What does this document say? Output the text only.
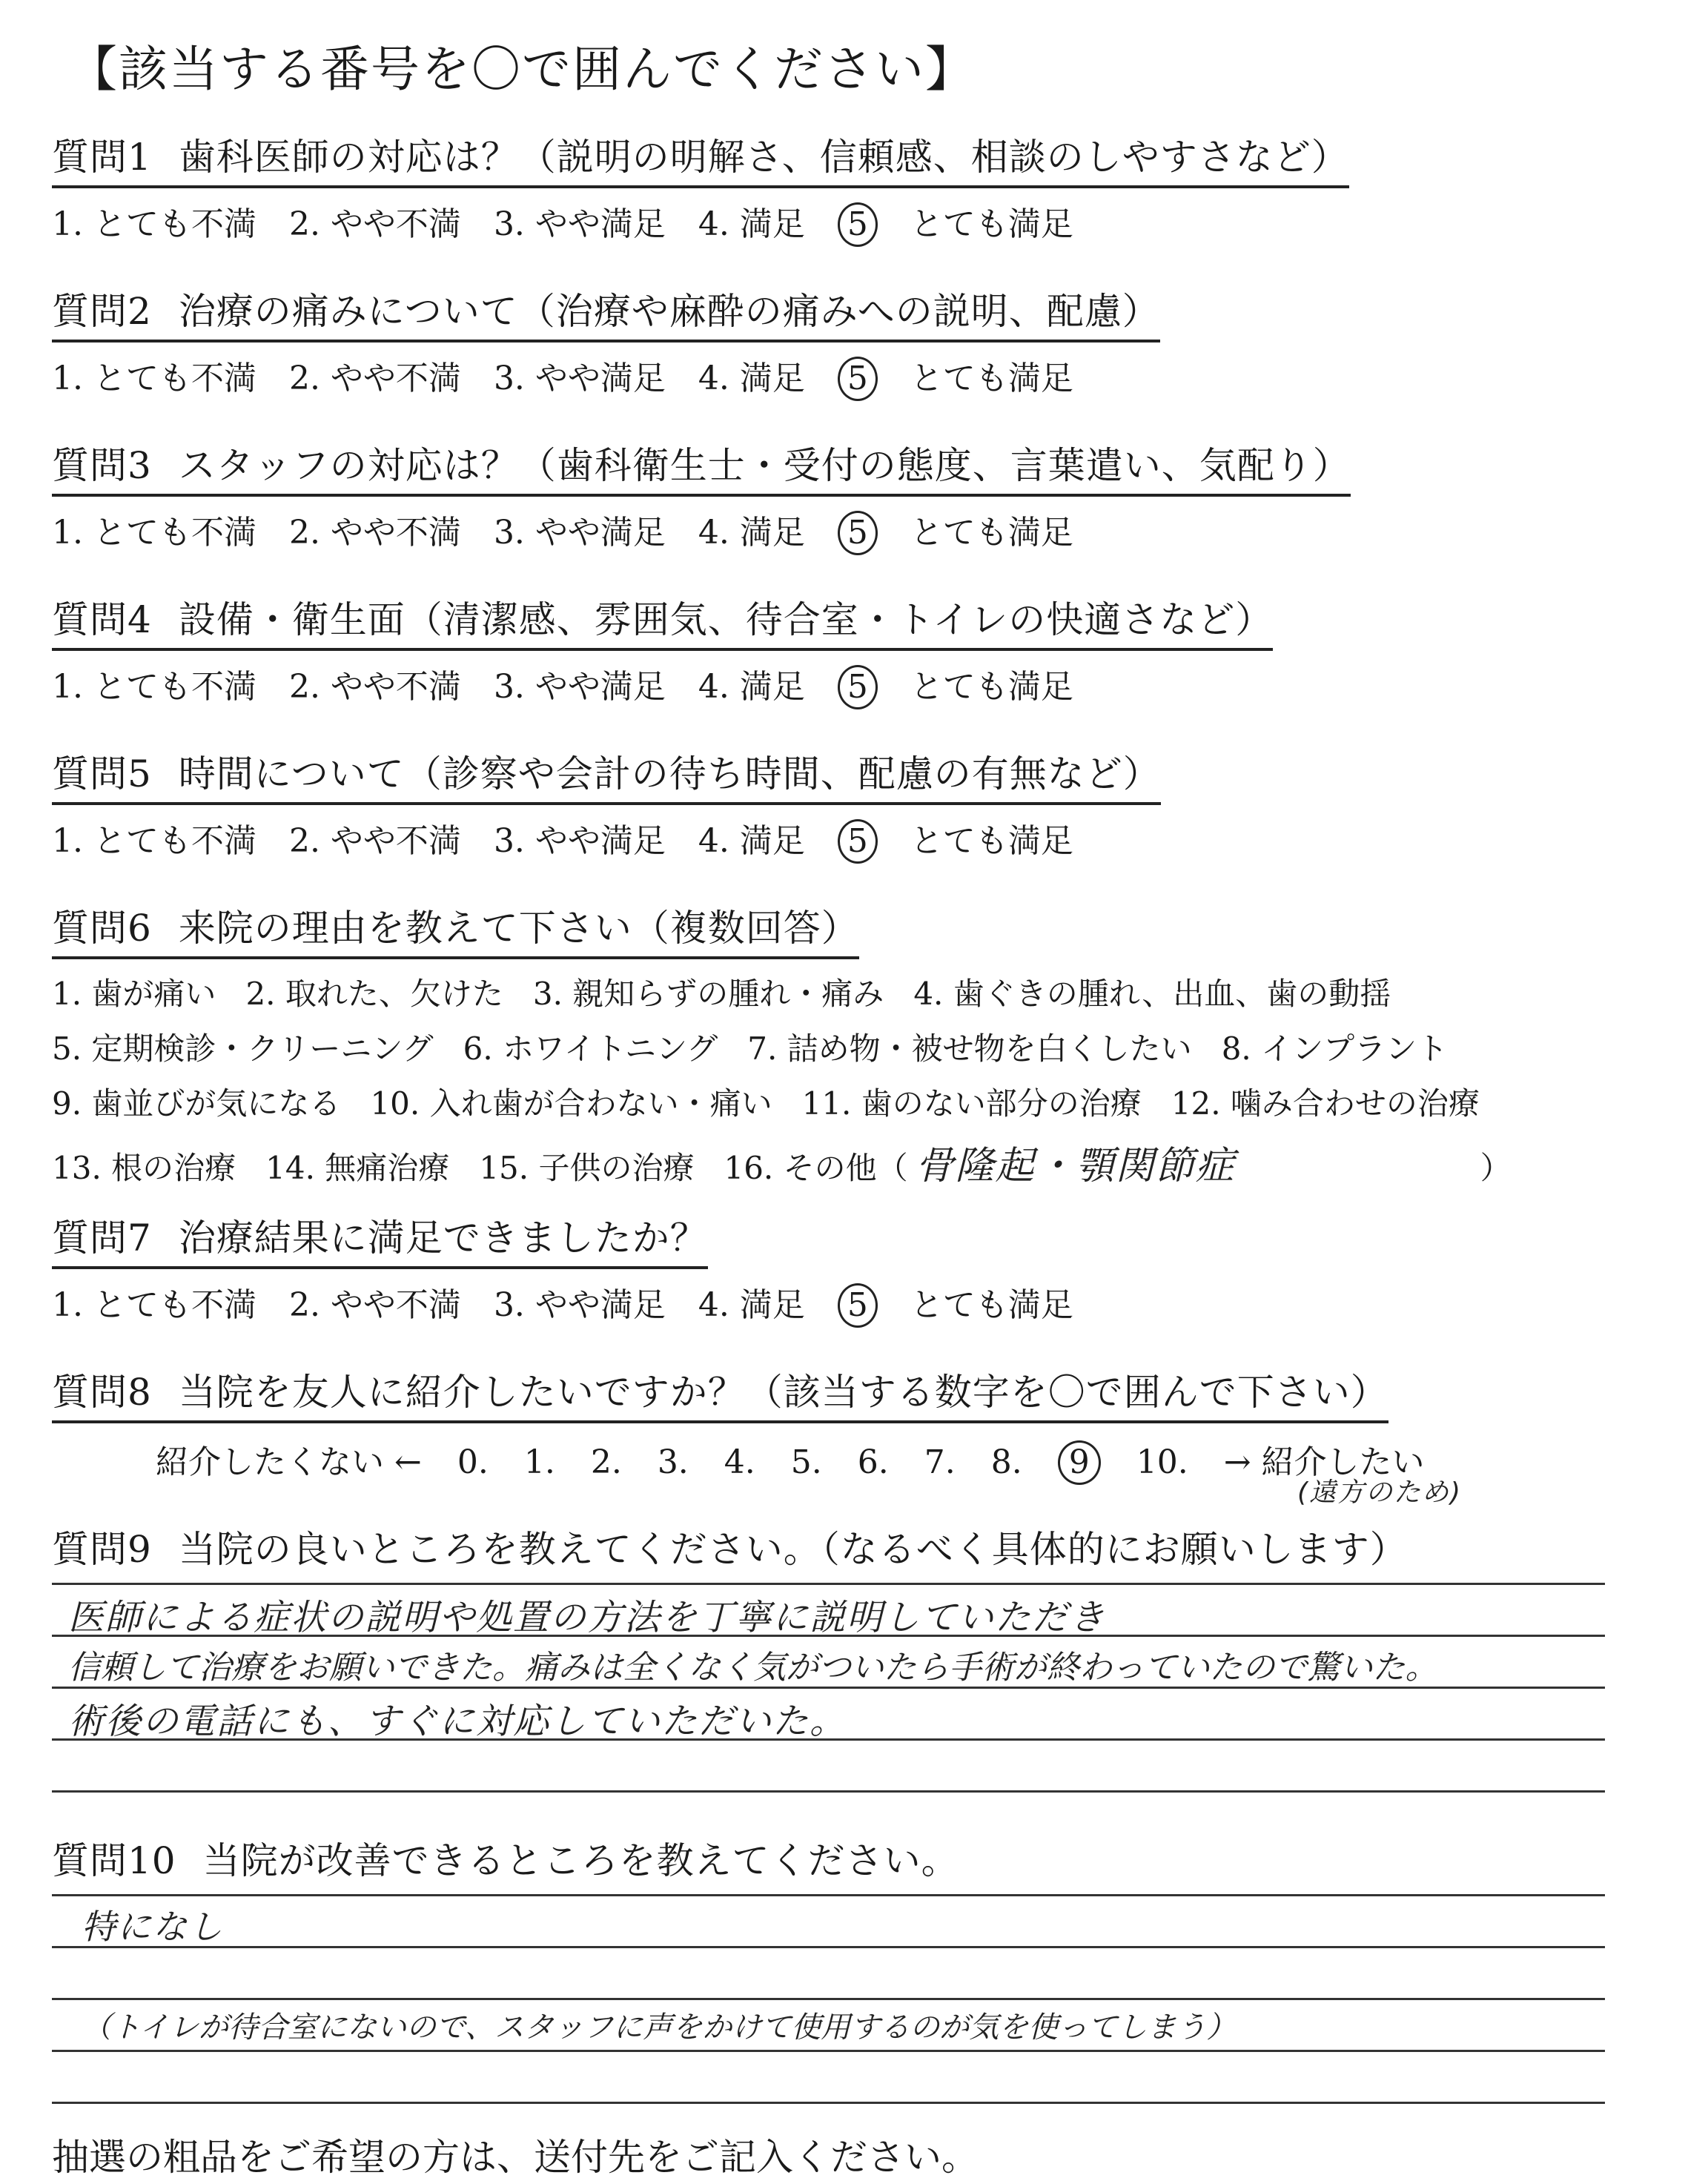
【該当する番号を〇で囲んでください】
質問1 歯科医師の対応は？（説明の明解さ、信頼感、相談のしやすさなど）
1. とても不満 2. やや不満 3. やや満足 4. 満足 5 とても満足
質問2 治療の痛みについて（治療や麻酔の痛みへの説明、配慮）
1. とても不満 2. やや不満 3. やや満足 4. 満足 5 とても満足
質問3 スタッフの対応は？（歯科衛生士・受付の態度、言葉遣い、気配り）
1. とても不満 2. やや不満 3. やや満足 4. 満足 5 とても満足
質問4 設備・衛生面（清潔感、雰囲気、待合室・トイレの快適さなど）
1. とても不満 2. やや不満 3. やや満足 4. 満足 5 とても満足
質問5 時間について（診察や会計の待ち時間、配慮の有無など）
1. とても不満 2. やや不満 3. やや満足 4. 満足 5 とても満足
質問6 来院の理由を教えて下さい（複数回答）
1. 歯が痛い 2. 取れた、欠けた 3. 親知らずの腫れ・痛み 4. 歯ぐきの腫れ、出血、歯の動揺
5. 定期検診・クリーニング 6. ホワイトニング 7. 詰め物・被せ物を白くしたい 8. インプラント
9. 歯並びが気になる 10. 入れ歯が合わない・痛い 11. 歯のない部分の治療 12. 噛み合わせの治療
13. 根の治療 14. 無痛治療 15. 子供の治療 16. その他（ 骨隆起・顎関節症	）
質問7 治療結果に満足できましたか？
1. とても不満 2. やや不満 3. やや満足 4. 満足 5 とても満足
質問8 当院を友人に紹介したいですか？（該当する数字を〇で囲んで下さい）
紹介したくない ← 0. 1. 2. 3. 4. 5. 6. 7. 8. 9 10. → 紹介したい
(遠方のため)
質問9 当院の良いところを教えてください。（なるべく具体的にお願いします）
医師による症状の説明や処置の方法を丁寧に説明していただき
信頼して治療をお願いできた。痛みは全くなく気がついたら手術が終わっていたので驚いた。
術後の電話にも、すぐに対応していただいた。
質問10 当院が改善できるところを教えてください。
特になし
（トイレが待合室にないので、スタッフに声をかけて使用するのが気を使ってしまう）
抽選の粗品をご希望の方は、送付先をご記入ください。
